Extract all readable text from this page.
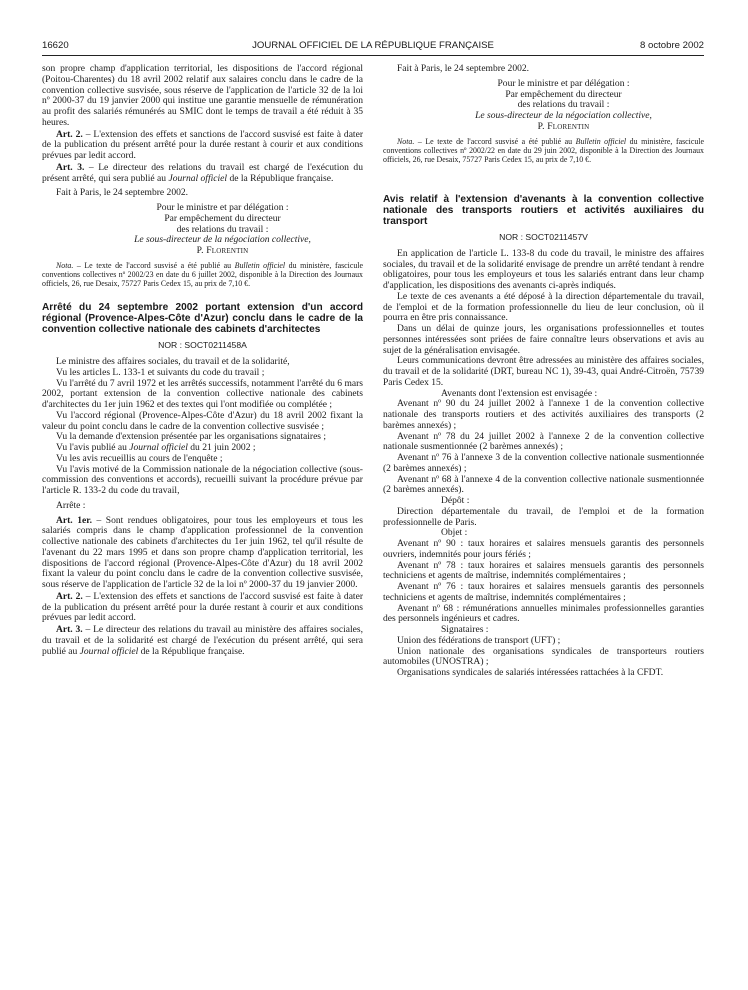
16620	JOURNAL OFFICIEL DE LA RÉPUBLIQUE FRANÇAISE	8 octobre 2002

son propre champ d'application territorial, les dispositions de l'accord régional (Poitou-Charentes) du 18 avril 2002 relatif aux salaires conclu dans le cadre de la convention collective susvisée, sous réserve de l'application de l'article 32 de la loi nº 2000-37 du 19 janvier 2000 qui institue une garantie mensuelle de rémunération au profit des salariés rémunérés au SMIC dont le temps de travail a été réduit à 35 heures.

Art. 2. – L'extension des effets et sanctions de l'accord susvisé est faite à dater de la publication du présent arrêté pour la durée restant à courir et aux conditions prévues par ledit accord.

Art. 3. – Le directeur des relations du travail est chargé de l'exécution du présent arrêté, qui sera publié au Journal officiel de la République française.

Fait à Paris, le 24 septembre 2002.

Pour le ministre et par délégation :

Par empêchement du directeur

des relations du travail :

Le sous-directeur de la négociation collective,

P. Florentin

Nota. – Le texte de l'accord susvisé a été publié au Bulletin officiel du ministère, fascicule conventions collectives nº 2002/23 en date du 6 juillet 2002, disponible à la Direction des Journaux officiels, 26, rue Desaix, 75727 Paris Cedex 15, au prix de 7,10 €.

Arrêté du 24 septembre 2002 portant extension d'un accord régional (Provence-Alpes-Côte d'Azur) conclu dans le cadre de la convention collective nationale des cabinets d'architectes
NOR : SOCT0211458A

Le ministre des affaires sociales, du travail et de la solidarité,

Vu les articles L. 133-1 et suivants du code du travail ;

Vu l'arrêté du 7 avril 1972 et les arrêtés successifs, notamment l'arrêté du 6 mars 2002, portant extension de la convention collective nationale des cabinets d'architectes du 1er juin 1962 et des textes qui l'ont modifiée ou complétée ;

Vu l'accord régional (Provence-Alpes-Côte d'Azur) du 18 avril 2002 fixant la valeur du point conclu dans le cadre de la convention collective susvisée ;

Vu la demande d'extension présentée par les organisations signataires ;

Vu l'avis publié au Journal officiel du 21 juin 2002 ;

Vu les avis recueillis au cours de l'enquête ;

Vu l'avis motivé de la Commission nationale de la négociation collective (sous-commission des conventions et accords), recueilli suivant la procédure prévue par l'article R. 133-2 du code du travail,

Arrête :

Art. 1er. – Sont rendues obligatoires, pour tous les employeurs et tous les salariés compris dans le champ d'application professionnel de la convention collective nationale des cabinets d'architectes du 1er juin 1962, tel qu'il résulte de l'avenant du 22 mars 1995 et dans son propre champ d'application territorial, les dispositions de l'accord régional (Provence-Alpes-Côte d'Azur) du 18 avril 2002 fixant la valeur du point conclu dans le cadre de la convention collective susvisée, sous réserve de l'application de l'article 32 de la loi nº 2000-37 du 19 janvier 2000.

Art. 2. – L'extension des effets et sanctions de l'accord susvisé est faite à dater de la publication du présent arrêté pour la durée restant à courir et aux conditions prévues par ledit accord.

Art. 3. – Le directeur des relations du travail au ministère des affaires sociales, du travail et de la solidarité est chargé de l'exécution du présent arrêté, qui sera publié au Journal officiel de la République française.

Fait à Paris, le 24 septembre 2002.

Pour le ministre et par délégation :

Par empêchement du directeur

des relations du travail :

Le sous-directeur de la négociation collective,

P. Florentin

Nota. – Le texte de l'accord susvisé a été publié au Bulletin officiel du ministère, fascicule conventions collectives nº 2002/22 en date du 29 juin 2002, disponible à la Direction des Journaux officiels, 26, rue Desaix, 75727 Paris Cedex 15, au prix de 7,10 €.

Avis relatif à l'extension d'avenants à la convention collective nationale des transports routiers et activités auxiliaires du transport
NOR : SOCT0211457V

En application de l'article L. 133-8 du code du travail, le ministre des affaires sociales, du travail et de la solidarité envisage de prendre un arrêté tendant à rendre obligatoires, pour tous les employeurs et tous les salariés entrant dans leur champ d'application, les dispositions des avenants ci-après indiqués.

Le texte de ces avenants a été déposé à la direction départementale du travail, de l'emploi et de la formation professionnelle du lieu de leur conclusion, où il pourra en être pris connaissance.

Dans un délai de quinze jours, les organisations professionnelles et toutes personnes intéressées sont priées de faire connaître leurs observations et avis au sujet de la généralisation envisagée.

Leurs communications devront être adressées au ministère des affaires sociales, du travail et de la solidarité (DRT, bureau NC 1), 39-43, quai André-Citroën, 75739 Paris Cedex 15.

Avenants dont l'extension est envisagée :

Avenant nº 90 du 24 juillet 2002 à l'annexe 1 de la convention collective nationale des transports routiers et des activités auxiliaires des transports (2 barèmes annexés) ;

Avenant nº 78 du 24 juillet 2002 à l'annexe 2 de la convention collective nationale susmentionnée (2 barèmes annexés) ;

Avenant nº 76 à l'annexe 3 de la convention collective nationale susmentionnée (2 barèmes annexés) ;

Avenant nº 68 à l'annexe 4 de la convention collective nationale susmentionnée (2 barèmes annexés).

Dépôt :

Direction départementale du travail, de l'emploi et de la formation professionnelle de Paris.

Objet :

Avenant nº 90 : taux horaires et salaires mensuels garantis des personnels ouvriers, indemnités pour jours fériés ;

Avenant nº 78 : taux horaires et salaires mensuels garantis des personnels techniciens et agents de maîtrise, indemnités complémentaires ;

Avenant nº 76 : taux horaires et salaires mensuels garantis des personnels techniciens et agents de maîtrise, indemnités complémentaires ;

Avenant nº 68 : rémunérations annuelles minimales professionnelles garanties des personnels ingénieurs et cadres.

Signataires :

Union des fédérations de transport (UFT) ;

Union nationale des organisations syndicales de transporteurs routiers automobiles (UNOSTRA) ;

Organisations syndicales de salariés intéressées rattachées à la CFDT.
